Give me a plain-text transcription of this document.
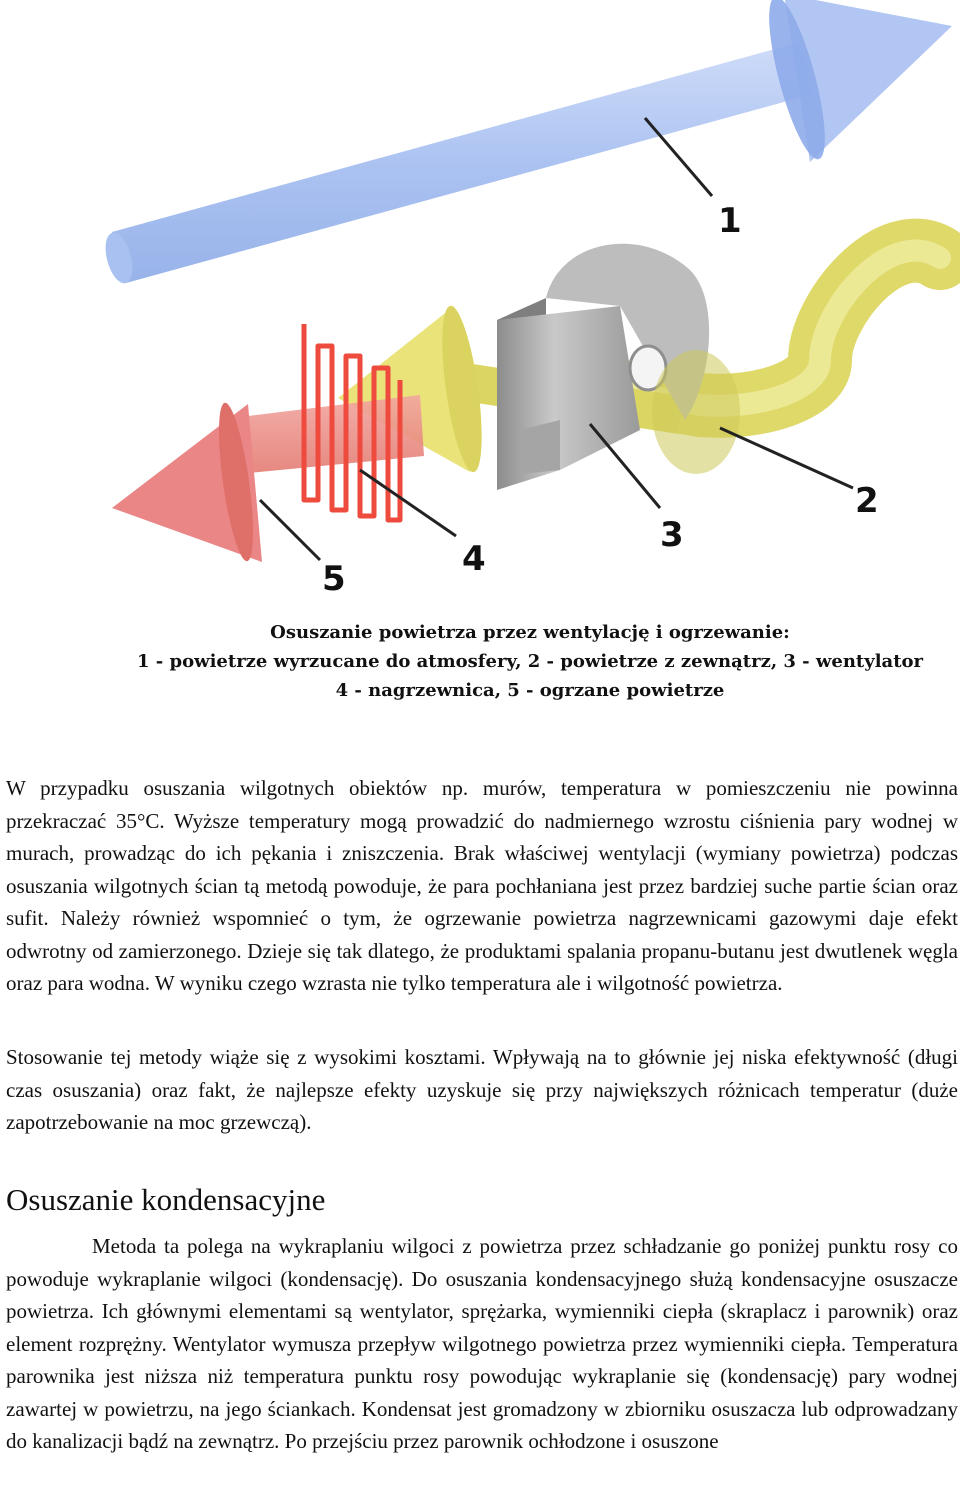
1
2
3
4
5
Osuszanie powietrza przez wentylację i ogrzewanie:
1 - powietrze wyrzucane do atmosfery, 2 - powietrze z zewnątrz, 3 - wentylator
4 - nagrzewnica, 5 - ogrzane powietrze

W przypadku osuszania wilgotnych obiektów np. murów, temperatura w pomieszczeniu nie powinna przekraczać 35°C. Wyższe temperatury mogą prowadzić do nadmiernego wzrostu ciśnienia pary wodnej w murach, prowadząc do ich pękania i zniszczenia. Brak właściwej wentylacji (wymiany powietrza) podczas osuszania wilgotnych ścian tą metodą powoduje, że para pochłaniana jest przez bardziej suche partie ścian oraz sufit. Należy również wspomnieć o tym, że ogrzewanie powietrza nagrzewnicami gazowymi daje efekt odwrotny od zamierzonego. Dzieje się tak dlatego, że produktami spalania propanu-butanu jest dwutlenek węgla oraz para wodna. W wyniku czego wzrasta nie tylko temperatura ale i wilgotność powietrza.

Stosowanie tej metody wiąże się z wysokimi kosztami. Wpływają na to głównie jej niska efektywność (długi czas osuszania) oraz fakt, że najlepsze efekty uzyskuje się przy największych różnicach temperatur (duże zapotrzebowanie na moc grzewczą).

Osuszanie kondensacyjne

Metoda ta polega na wykraplaniu wilgoci z powietrza przez schładzanie go poniżej punktu rosy co powoduje wykraplanie wilgoci (kondensację). Do osuszania kondensacyjnego służą kondensacyjne osuszacze powietrza. Ich głównymi elementami są wentylator, sprężarka, wymienniki ciepła (skraplacz i parownik) oraz element rozprężny. Wentylator wymusza przepływ wilgotnego powietrza przez wymienniki ciepła. Temperatura parownika jest niższa niż temperatura punktu rosy powodując wykraplanie się (kondensację) pary wodnej zawartej w powietrzu, na jego ściankach. Kondensat jest gromadzony w zbiorniku osuszacza lub odprowadzany do kanalizacji bądź na zewnątrz. Po przejściu przez parownik ochłodzone i osuszone
